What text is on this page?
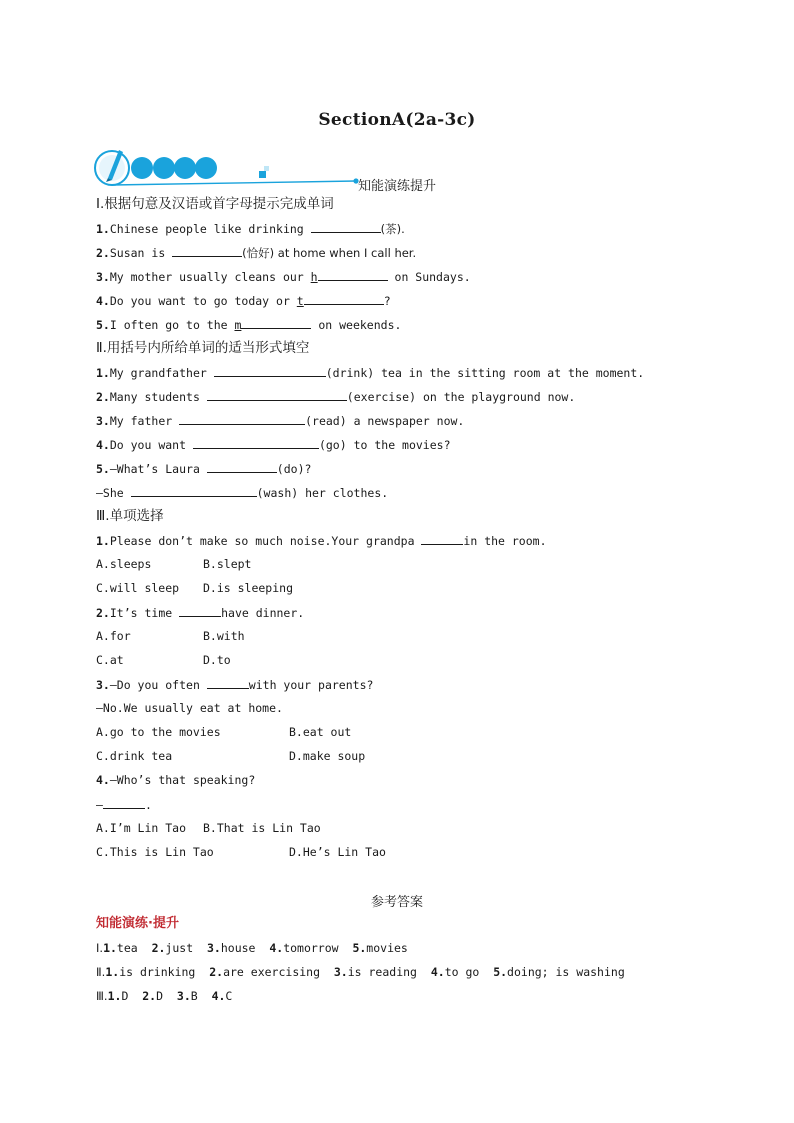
SectionA(2a-3c)
知能演练提升
Ⅰ.根据句意及汉语或首字母提示完成单词
1.Chinese people like drinking	(茶).
2.Susan is	(恰好) at home when I call her.
3.My mother usually cleans our h	on Sundays.
4.Do you want to go today or t	?
5.I often go to the m	on weekends.
Ⅱ.用括号内所给单词的适当形式填空
1.My grandfather	(drink) tea in the sitting room at the moment.
2.Many students	(exercise) on the playground now.
3.My father	(read) a newspaper now.
4.Do you want	(go) to the movies?
5.—What’s Laura	(do)?
—She	(wash) her clothes.
Ⅲ.单项选择
1.Please don’t make so much noise.Your grandpa	in the room.
A.sleeps	B.slept
C.will sleep D.is sleeping
2.It’s time	have dinner.
A.for	B.with
C.at	D.to
3.—Do you often	with your parents?
—No.We usually eat at home.
A.go to the movies	B.eat out
C.drink tea	D.make soup
4.—Who’s that speaking?
—	.
A.I’m Lin Tao B.That is Lin Tao
C.This is Lin Tao	D.He’s Lin Tao
参考答案
知能演练·提升
Ⅰ.1.tea 2.just 3.house 4.tomorrow 5.movies
Ⅱ.1.is drinking 2.are exercising 3.is reading 4.to go 5.doing; is washing
Ⅲ.1.D 2.D 3.B 4.C
